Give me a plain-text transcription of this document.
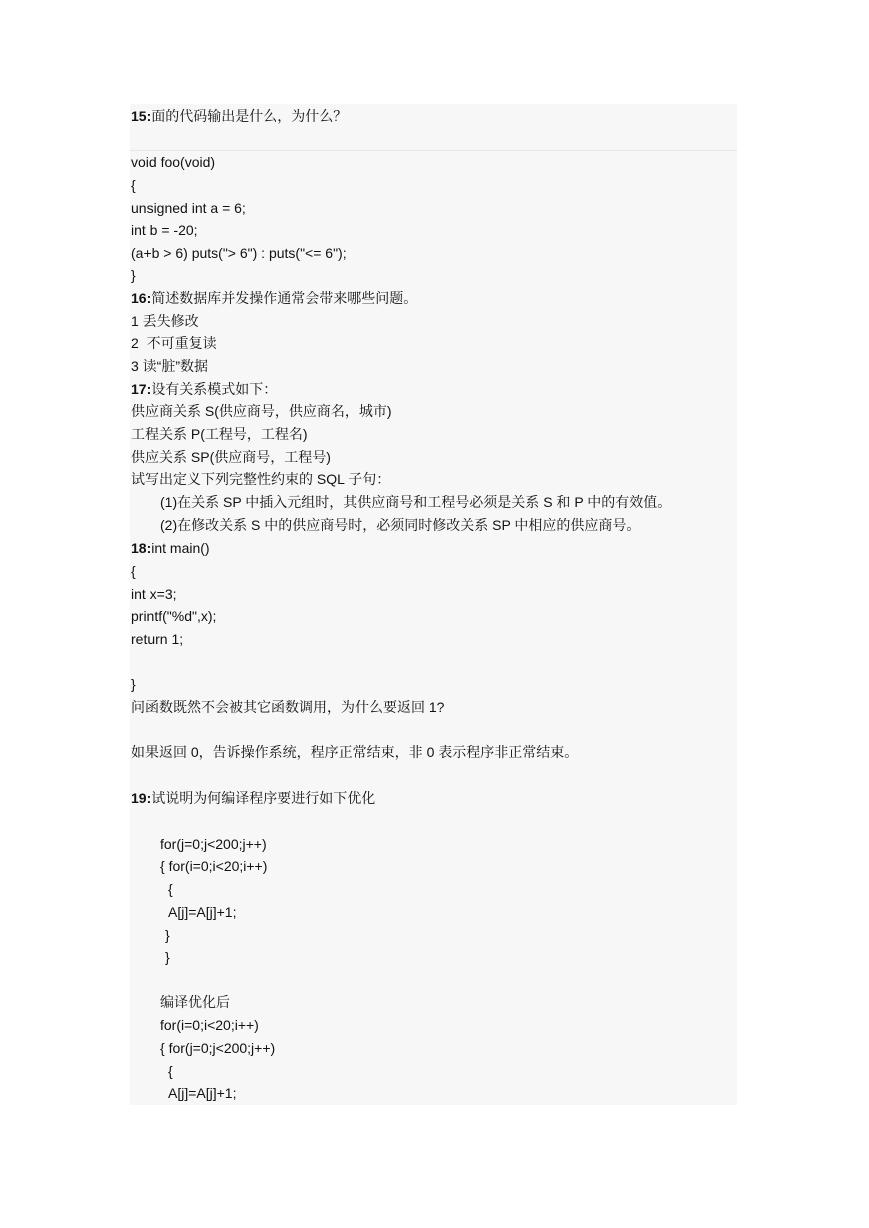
15:面的代码输出是什么，为什么？
void foo(void)
{
unsigned int a = 6;
int b = -20;
(a+b > 6) puts("> 6") : puts("<= 6");
}
16:简述数据库并发操作通常会带来哪些问题。
1 丢失修改
2  不可重复读
3 读“脏”数据
17:设有关系模式如下：
供应商关系 S(供应商号，供应商名，城市)
工程关系 P(工程号，工程名)
供应关系 SP(供应商号，工程号)
试写出定义下列完整性约束的 SQL 子句：
(1)在关系 SP 中插入元组时，其供应商号和工程号必须是关系 S 和 P 中的有效值。
(2)在修改关系 S 中的供应商号时，必须同时修改关系 SP 中相应的供应商号。
18:int main()
{
int x=3;
printf("%d",x);
return 1;
}
问函数既然不会被其它函数调用，为什么要返回 1?
如果返回 0，告诉操作系统，程序正常结束，非 0 表示程序非正常结束。
19:试说明为何编译程序要进行如下优化
for(j=0;j<200;j++)
{ for(i=0;i<20;i++)
{
A[j]=A[j]+1;
}
}
编译优化后
for(i=0;i<20;i++)
{ for(j=0;j<200;j++)
{
A[j]=A[j]+1;
